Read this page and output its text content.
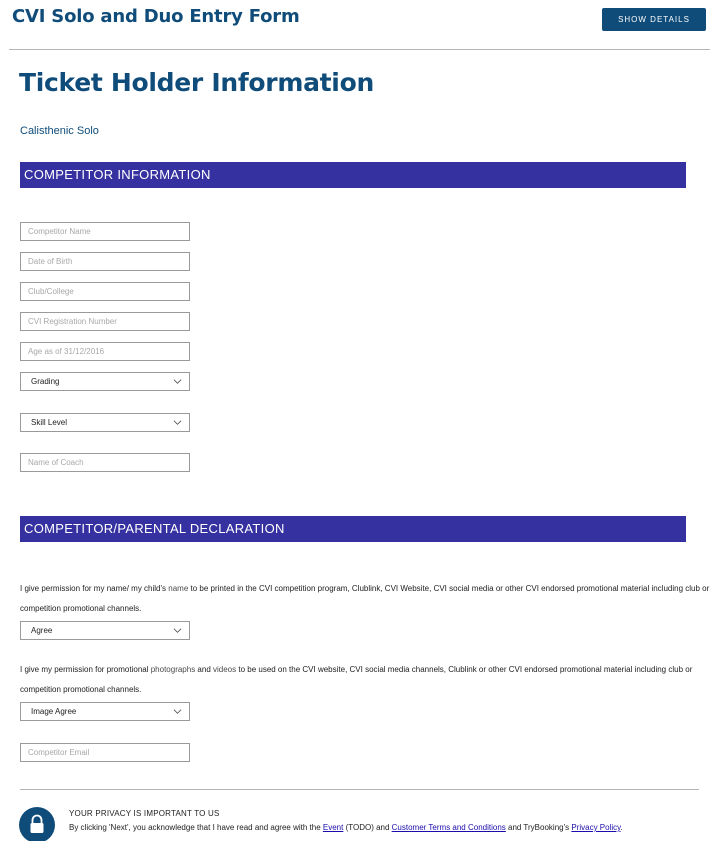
CVI Solo and Duo Entry Form	SHOW DETAILS
Ticket Holder Information
Calisthenic Solo
COMPETITOR INFORMATION
Competitor Name
Date of Birth
Club/College
CVI Registration Number
Age as of 31/12/2016
Grading
Skill Level
Name of Coach
COMPETITOR/PARENTAL DECLARATION
I give permission for my name/ my child's name to be printed in the CVI competition program, Clublink, CVI Website, CVI social media or other CVI endorsed promotional material including club or competition promotional channels.
Agree
I give my permission for promotional photographs and videos to be used on the CVI website, CVI social media channels, Clublink or other CVI endorsed promotional material including club or competition promotional channels.
Image Agree
Competitor Email
YOUR PRIVACY IS IMPORTANT TO US
By clicking 'Next', you acknowledge that I have read and agree with the Event (TODO) and Customer Terms and Conditions and TryBooking's Privacy Policy.
